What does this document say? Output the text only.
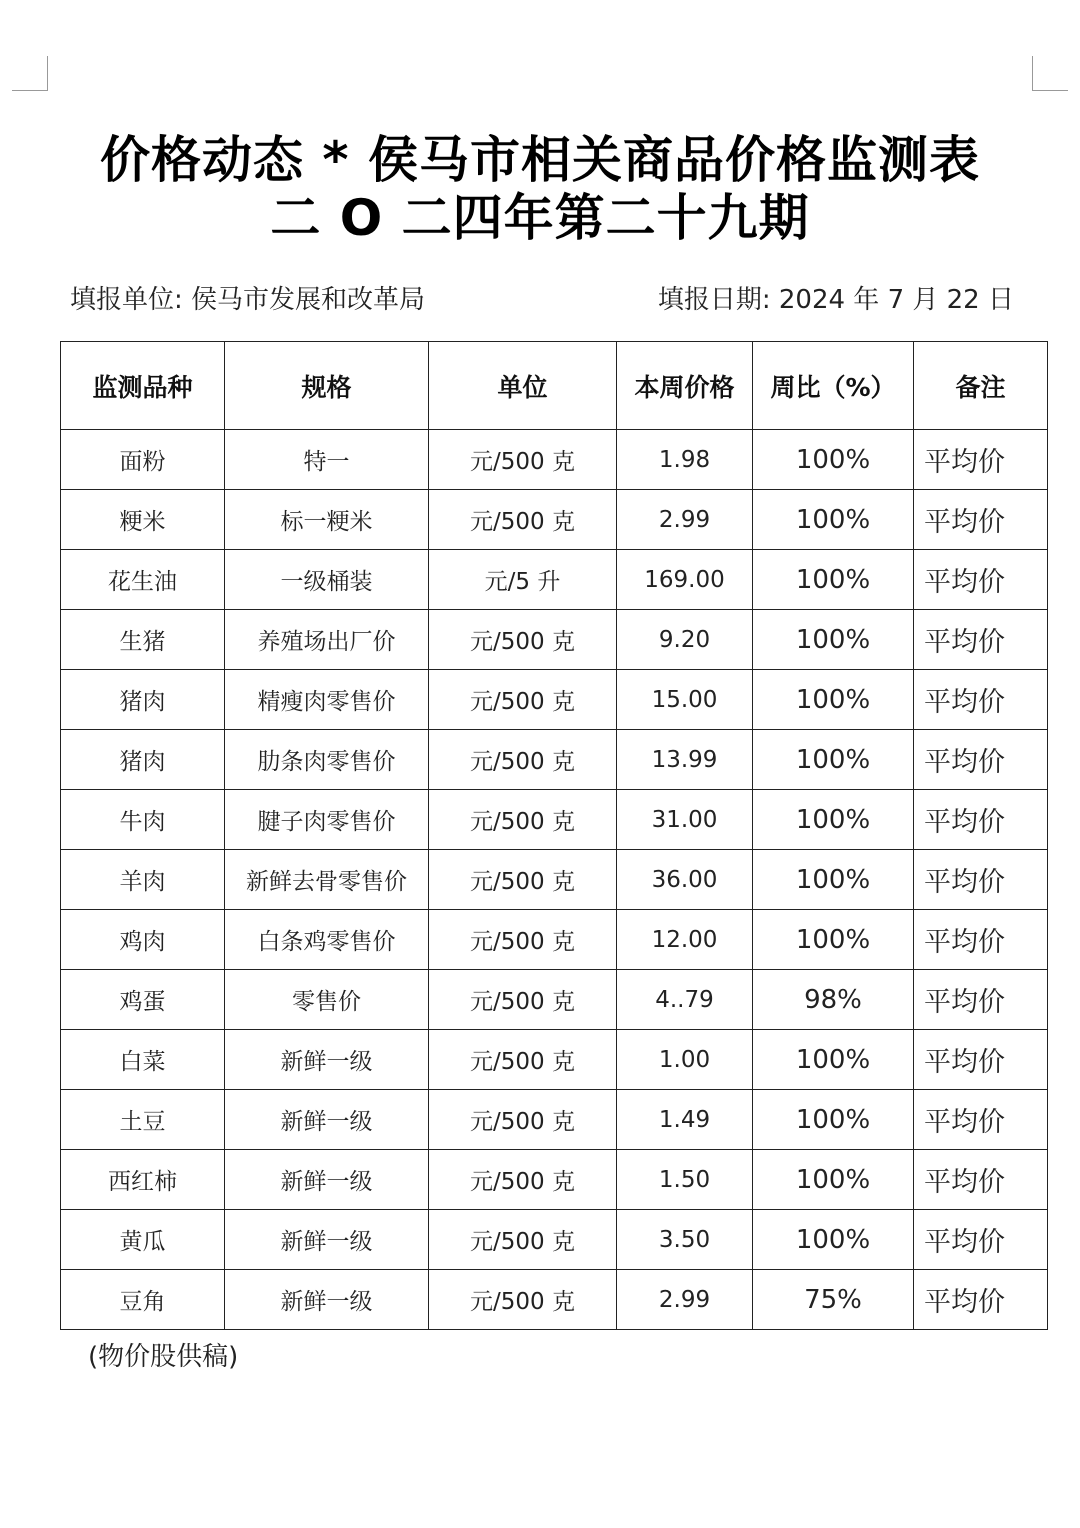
价格动态 * 侯马市相关商品价格监测表
二 O 二四年第二十九期
填报单位: 侯马市发展和改革局	填报日期: 2024 年 7 月 22 日
监测品种	规格	单位	本周价格	周比（%）	备注
面粉	特一	元/500 克	1.98	100%	平均价
粳米	标一粳米	元/500 克	2.99	100%	平均价
花生油	一级桶装	元/5 升	169.00	100%	平均价
生猪	养殖场出厂价	元/500 克	9.20	100%	平均价
猪肉	精瘦肉零售价	元/500 克	15.00	100%	平均价
猪肉	肋条肉零售价	元/500 克	13.99	100%	平均价
牛肉	腱子肉零售价	元/500 克	31.00	100%	平均价
羊肉	新鲜去骨零售价	元/500 克	36.00	100%	平均价
鸡肉	白条鸡零售价	元/500 克	12.00	100%	平均价
鸡蛋	零售价	元/500 克	4..79	98%	平均价
白菜	新鲜一级	元/500 克	1.00	100%	平均价
土豆	新鲜一级	元/500 克	1.49	100%	平均价
西红柿	新鲜一级	元/500 克	1.50	100%	平均价
黄瓜	新鲜一级	元/500 克	3.50	100%	平均价
豆角	新鲜一级	元/500 克	2.99	75%	平均价
(物价股供稿)
